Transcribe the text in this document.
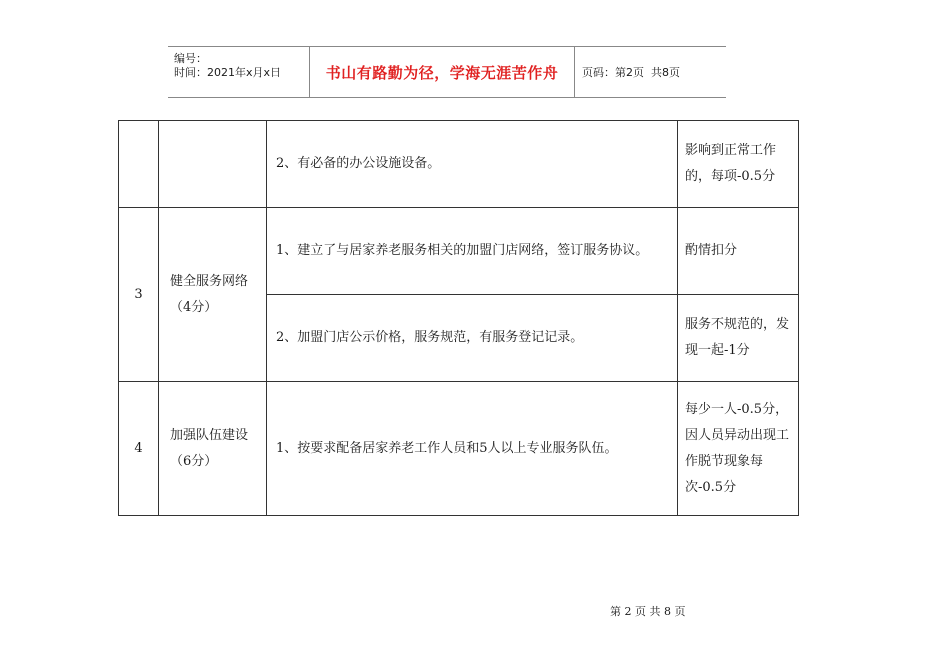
编号：
时间：2021年x月x日	书山有路勤为径，学海无涯苦作舟	页码：第2页  共8页
		2、有必备的办公设施设备。	影响到正常工作的，每项-0.5分
3	健全服务网络（4分）	1、建立了与居家养老服务相关的加盟门店网络，签订服务协议。	酌情扣分
		2、加盟门店公示价格，服务规范，有服务登记记录。	服务不规范的，发现一起-1分
4	加强队伍建设（6分）	1、按要求配备居家养老工作人员和5人以上专业服务队伍。	每少一人-0.5分，因人员异动出现工作脱节现象每次-0.5分
第 2 页 共 8 页
